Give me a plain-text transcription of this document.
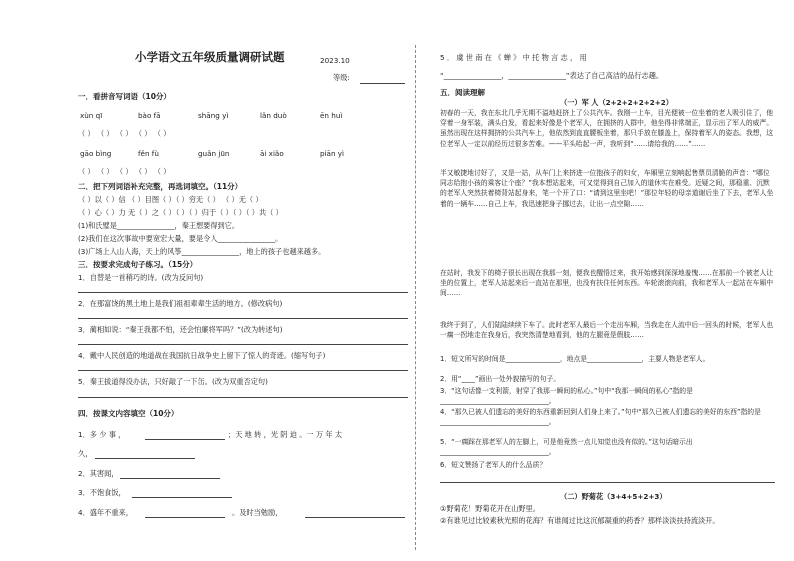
小学语文五年级质量调研试题	2023.10
等级:
一．看拼音写词语（10分）
xùn qī	bào fā	shāng yì	lǎn duò	ēn huì
（ ） （ ） （ ） （ ） （ ）
gāo bìng	fěn fù	guǎn jūn	āi xiǎo	piān yì
（ ） （ ） （ ） （ ） （ ）
二．把下列词语补充完整，再选词填空。（11分）
（ ）以（ ）信 （ ）目图（ ）（ ）穷无（ ） （ ）无（ ）
（ ）心（ ）力 无（ ）之（ ）（ ）（ ）归于（ ）（ ）（ ）共（ ）
(1)和氏璧是________________，秦王想要得到它。
(2)我们在这次事故中要宽宏大量，要是令人________________。
(3)广场上人山人海，天上的风筝________________，地上的孩子也越来越多。
三．按要求完成句子练习。（15分）
1．自替是一首稍巧的诗。(改为反问句)
2．在那富饶的黑土地上是我们祖祖辈辈生活的地方。(修改病句)
3．蔺相如说：“秦王我都不怕，还会怕廉将军吗？”(改为转述句)
4．戴中人民创造的地道战在我国抗日战争史上留下了惊人的奇迹。(缩写句子)
5．秦王拔道得没办法，只好敲了一下缶。(改为双重否定句)
四．按课文内容填空（10分）
1．多 少 事 ，	；天 地 转 ，光 阴 迫 。一 万 年 太
久，
2．其害闻，
3．不饱食饭，
4．盛年不重来，	。及时当勉励，
5 ． 虞 世 南 在 《 蝉 》 中 托 物 言 志 ， 用
“________________，________________”表达了自己高洁的品行志趣。
五．阅读理解
（一）军 人（2+2+2+2+2+2）
初春的一天，我在东北几乎无期不溢地赶挤上了公共汽车。我刚一上车，目光便被一位坐着的老人吸引住了，他穿着一身军装，满头白发，看起来好像是个老军人，在拥挤的人群中，他坐得非常端正，显示出了军人的威严。虽然出现在这样拥挤的公共汽车上，他依然到直直腰板坐着，那只手放在膝盖上，保持着军人的姿态。我想，这位老军人一定以前经历过很多苦难。——平头哈起一声，我听到“……请给我的……”……
半又敏捷地讨好了，又是一站，从车门上来挤进一位抱孩子的妇女，车厢里立刻响起售票员清脆的声音：“哪位同志给抱小孩的乘客让个座？”我本想站起来，可又觉得到自己加入的道休实在难受。近疑之间，那稳重、沉默的老军人突然扶着椅背站起身来，笔一个开了口：“请到这里坐吧！”那位年轻的母亲道谢后坐了下去，老军人坐着的一辆车……自己上车，我迅速把身子挪过去，让出一点空隙……
在站时，我发下的椅子很长出现在我那一刻，便我也醒悟过来，我开始感到深深地羞愧……在那前一个被老人让坐的位置上，老军人站起来后一直站在那里，也没有扶住任何东西。车轮滚滚向前，我和老军人一起站在车厢中间……
我终于到了，人们陆陆续续下车了。此时老军人最后一个走出车厢，当我走在人流中后一回头的时候，老军人也一瘸一拐地走在我身后，我突然清楚地看到，他的左腿竟是假肢……
1．短文所写的时间是________________，地点是________________，主要人物是老军人。
2．用“____”画出一处外貌描写的句子。
3．“这句话像一支利箭，射穿了我那一瞬间的私心。”句中“我那一瞬间的私心”指的是________________________________。
4．“那久已被人们遗忘的美好的东西重新回到人们身上来了。”句中“那久已被人们遗忘的美好的东西”指的是________________________________。
5．“一瘸踩在那老军人的左脚上，可是他竟然一点儿知觉也没有似的。”这句话暗示出________________________________。
6．短文赞扬了老军人的什么品质？
（二）野菊花（3+4+5+2+3）
①野菊花！野菊花开在山野里。
②有谁见过比较素秋光照的花海？有谁闻过比这沉郁凝重的药香？那样淡淡扶持流淡开。
